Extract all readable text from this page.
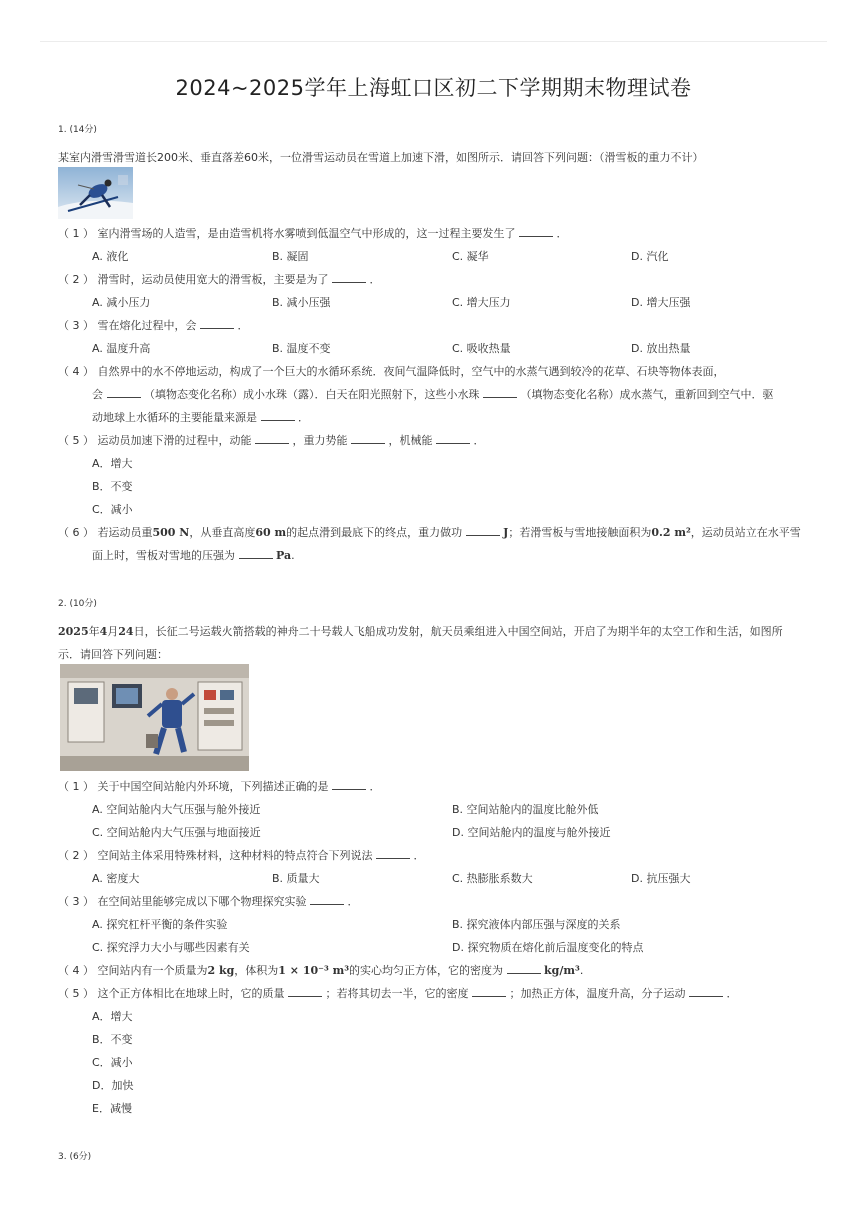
2024~2025学年上海虹口区初二下学期期末物理试卷
1. (14分)
某室内滑雪滑雪道长200米、垂直落差60米，一位滑雪运动员在雪道上加速下滑，如图所示．请回答下列问题：（滑雪板的重力不计）
（ 1 ） 室内滑雪场的人造雪，是由造雪机将水雾喷到低温空气中形成的，这一过程主要发生了	．
A. 液化	B. 凝固	C. 凝华	D. 汽化
（ 2 ） 滑雪时，运动员使用宽大的滑雪板，主要是为了	．
A. 减小压力	B. 减小压强	C. 增大压力	D. 增大压强
（ 3 ） 雪在熔化过程中，会	．
A. 温度升高	B. 温度不变	C. 吸收热量	D. 放出热量
（ 4 ） 自然界中的水不停地运动，构成了一个巨大的水循环系统．夜间气温降低时，空气中的水蒸气遇到较冷的花草、石块等物体表面，
会	（填物态变化名称）成小水珠（露）．白天在阳光照射下，这些小水珠	（填物态变化名称）成水蒸气，重新回到空气中．驱
动地球上水循环的主要能量来源是	．
（ 5 ） 运动员加速下滑的过程中，动能	，重力势能	，机械能	．
A．增大
B．不变
C．减小
（ 6 ） 若运动员重500 N，从垂直高度60 m的起点滑到最底下的终点，重力做功	J；若滑雪板与雪地接触面积为0.2 m²，运动员站立在水平雪
面上时，雪板对雪地的压强为	Pa.
2. (10分)
2025年4月24日，长征二号运载火箭搭载的神舟二十号载人飞船成功发射，航天员乘组进入中国空间站，开启了为期半年的太空工作和生活，如图所
示．请回答下列问题：
（ 1 ） 关于中国空间站舱内外环境，下列描述正确的是	．
A. 空间站舱内大气压强与舱外接近	B. 空间站舱内的温度比舱外低
C. 空间站舱内大气压强与地面接近	D. 空间站舱内的温度与舱外接近
（ 2 ） 空间站主体采用特殊材料，这种材料的特点符合下列说法	．
A. 密度大	B. 质量大	C. 热膨胀系数大	D. 抗压强大
（ 3 ） 在空间站里能够完成以下哪个物理探究实验	．
A. 探究杠杆平衡的条件实验	B. 探究液体内部压强与深度的关系
C. 探究浮力大小与哪些因素有关	D. 探究物质在熔化前后温度变化的特点
（ 4 ） 空间站内有一个质量为2 kg，体积为1 × 10⁻³ m³的实心均匀正方体，它的密度为	kg/m³.
（ 5 ） 这个正方体相比在地球上时，它的质量	；若将其切去一半，它的密度	；加热正方体，温度升高，分子运动	．
A．增大
B．不变
C．减小
D．加快
E．减慢
3. (6分)
